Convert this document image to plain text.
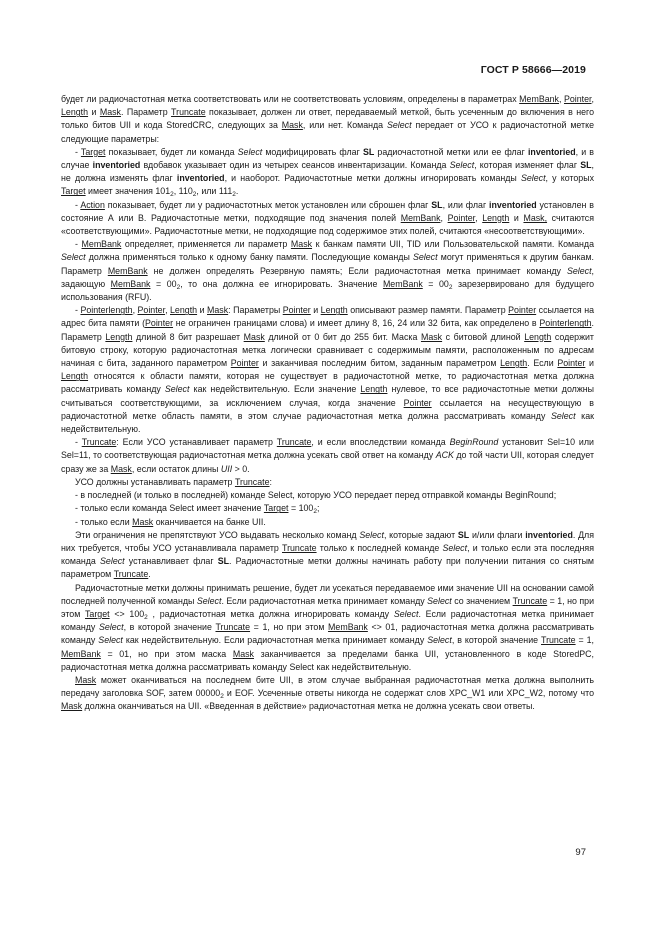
ГОСТ Р 58666—2019

будет ли радиочастотная метка соответствовать или не соответствовать условиям, определены в параметрах MemBank, Pointer, Length и Mask. Параметр Truncate показывает, должен ли ответ, передаваемый меткой, быть усеченным до включения в него только битов UII и кода StoredCRC, следующих за Mask, или нет. Команда Select передает от УСО к радиочастотной метке следующие параметры:

- Target показывает, будет ли команда Select модифицировать флаг SL радиочастотной метки или ее флаг inventoried, и в случае inventoried вдобавок указывает один из четырех сеансов инвентаризации. Команда Select, которая изменяет флаг SL, не должна изменять флаг inventoried, и наоборот. Радиочастотные метки должны игнорировать команды Select, у которых Target имеет значения $101_2$, $110_2$, или $111_2$.

- Action показывает, будет ли у радиочастотных меток установлен или сброшен флаг SL, или флаг inventoried установлен в состояние А или В. Радиочастотные метки, подходящие под значения полей MemBank, Pointer, Length и Mask, считаются «соответствующими». Радиочастотные метки, не подходящие под содержимое этих полей, считаются «несоответствующими».

- MemBank определяет, применяется ли параметр Mask к банкам памяти UII, TID или Пользовательской памяти. Команда Select должна применяться только к одному банку памяти. Последующие команды Select могут применяться к другим банкам. Параметр MemBank не должен определять Резервную память; Если радиочастотная метка принимает команду Select, задающую MemBank = $00_2$, то она должна ее игнорировать. Значение MemBank = $00_2$ зарезервировано для будущего использования (RFU).

- Pointerlength, Pointer, Length и Mask: Параметры Pointer и Length описывают размер памяти. Параметр Pointer ссылается на адрес бита памяти (Pointer не ограничен границами слова) и имеет длину 8, 16, 24 или 32 бита, как определено в Pointerlength. Параметр Length длиной 8 бит разрешает Mask длиной от 0 бит до 255 бит. Маска Mask с битовой длиной Length содержит битовую строку, которую радиочастотная метка логически сравнивает с содержимым памяти, расположенным по адресам начиная с бита, заданного параметром Pointer и заканчивая последним битом, заданным параметром Length. Если Pointer и Length относятся к области памяти, которая не существует в радиочастотной метке, то радиочастотная метка должна рассматривать команду Select как недействительную. Если значение Length нулевое, то все радиочастотные метки должны считываться соответствующими, за исключением случая, когда значение Pointer ссылается на несуществующую в радиочастотной метке область памяти, в этом случае радиочастотная метка должна рассматривать команду Select как недействительную.

- Truncate: Если УСО устанавливает параметр Truncate, и если впоследствии команда BeginRound установит Sel=10 или Sel=11, то соответствующая радиочастотная метка должна усекать свой ответ на команду ACK до той части UII, которая следует сразу же за Mask, если остаток длины UII > 0.

УСО должны устанавливать параметр Truncate:

- в последней (и только в последней) команде Select, которую УСО передает перед отправкой команды BeginRound;

- только если команда Select имеет значение Target = $100_2$;

- только если Mask оканчивается на банке UII.

Эти ограничения не препятствуют УСО выдавать несколько команд Select, которые задают SL и/или флаги inventoried. Для них требуется, чтобы УСО устанавливала параметр Truncate только к последней команде Select, и только если эта последняя команда Select устанавливает флаг SL. Радиочастотные метки должны начинать работу при получении питания со снятым параметром Truncate.

Радиочастотные метки должны принимать решение, будет ли усекаться передаваемое ими значение UII на основании самой последней полученной команды Select. Если радиочастотная метка принимает команду Select со значением Truncate = 1, но при этом Target <> $100_2$ , радиочастотная метка должна игнорировать команду Select. Если радиочастотная метка принимает команду Select, в которой значение Truncate = 1, но при этом MemBank <> 01, радиочастотная метка должна рассматривать команду Select как недействительную. Если радиочастотная метка принимает команду Select, в которой значение Truncate = 1, MemBank = 01, но при этом маска Mask заканчивается за пределами банка UII, установленного в коде StoredPC, радиочастотная метка должна рассматривать команду Select как недействительную.

Mask может оканчиваться на последнем бите UII, в этом случае выбранная радиочастотная метка должна выполнить передачу заголовка SOF, затем $00000_2$ и EOF. Усеченные ответы никогда не содержат слов XPC_W1 или XPC_W2, потому что Mask должна оканчиваться на UII. «Введенная в действие» радиочастотная метка не должна усекать свои ответы.

97
